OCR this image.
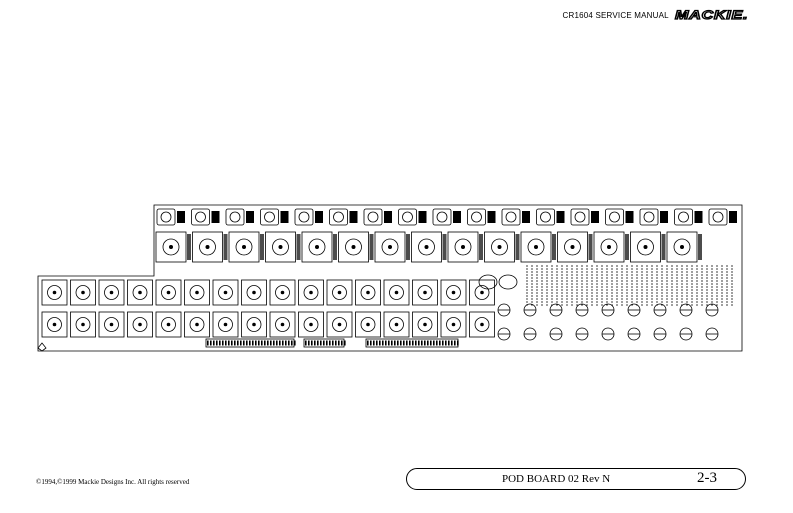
CR1604 SERVICE MANUAL MACKIE.
©1994,©1999 Mackie Designs Inc. All rights reserved	POD BOARD 02 Rev N	2-3
